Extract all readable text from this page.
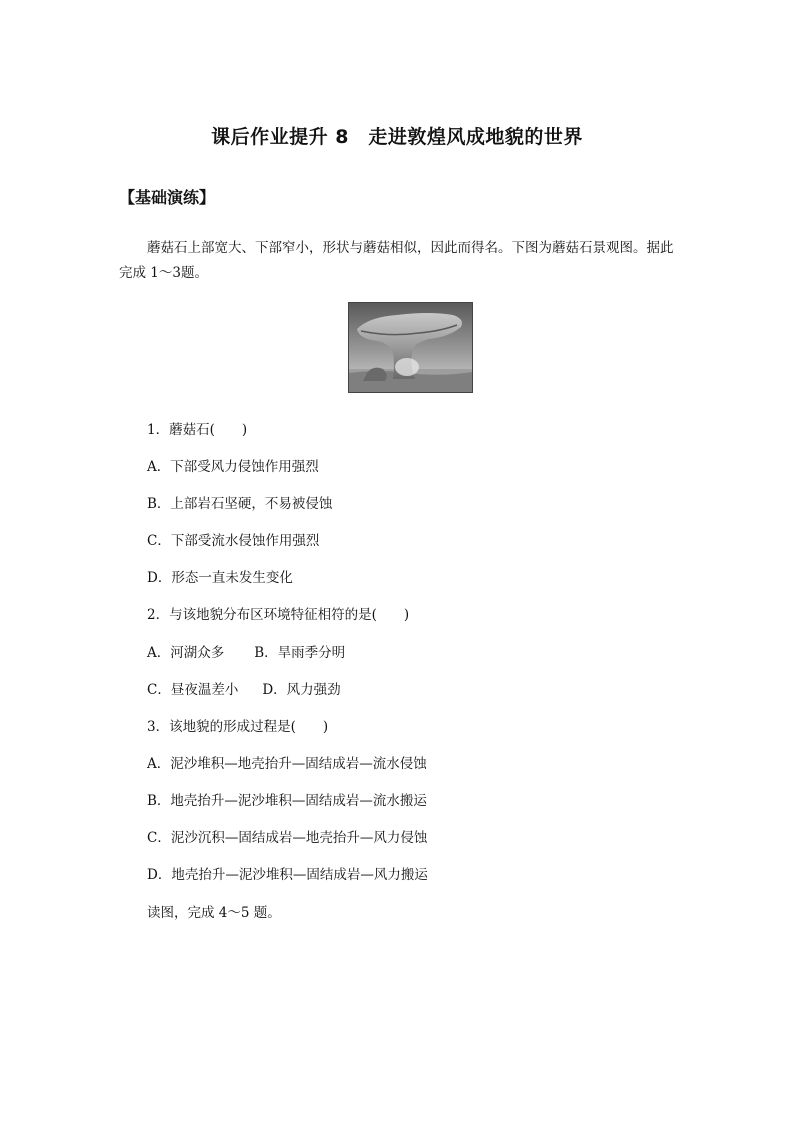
课后作业提升 8　走进敦煌风成地貌的世界
【基础演练】

蘑菇石上部宽大、下部窄小，形状与蘑菇相似，因此而得名。下图为蘑菇石景观图。据此完成 1～3题。

1．蘑菇石(　　)

A．下部受风力侵蚀作用强烈

B．上部岩石坚硬，不易被侵蚀

C．下部受流水侵蚀作用强烈

D．形态一直未发生变化

2．与该地貌分布区环境特征相符的是(　　)

A．河湖众多 B．旱雨季分明

C．昼夜温差小 D．风力强劲

3．该地貌的形成过程是(　　)

A．泥沙堆积—地壳抬升—固结成岩—流水侵蚀

B．地壳抬升—泥沙堆积—固结成岩—流水搬运

C．泥沙沉积—固结成岩—地壳抬升—风力侵蚀

D．地壳抬升—泥沙堆积—固结成岩—风力搬运

读图，完成 4～5 题。
